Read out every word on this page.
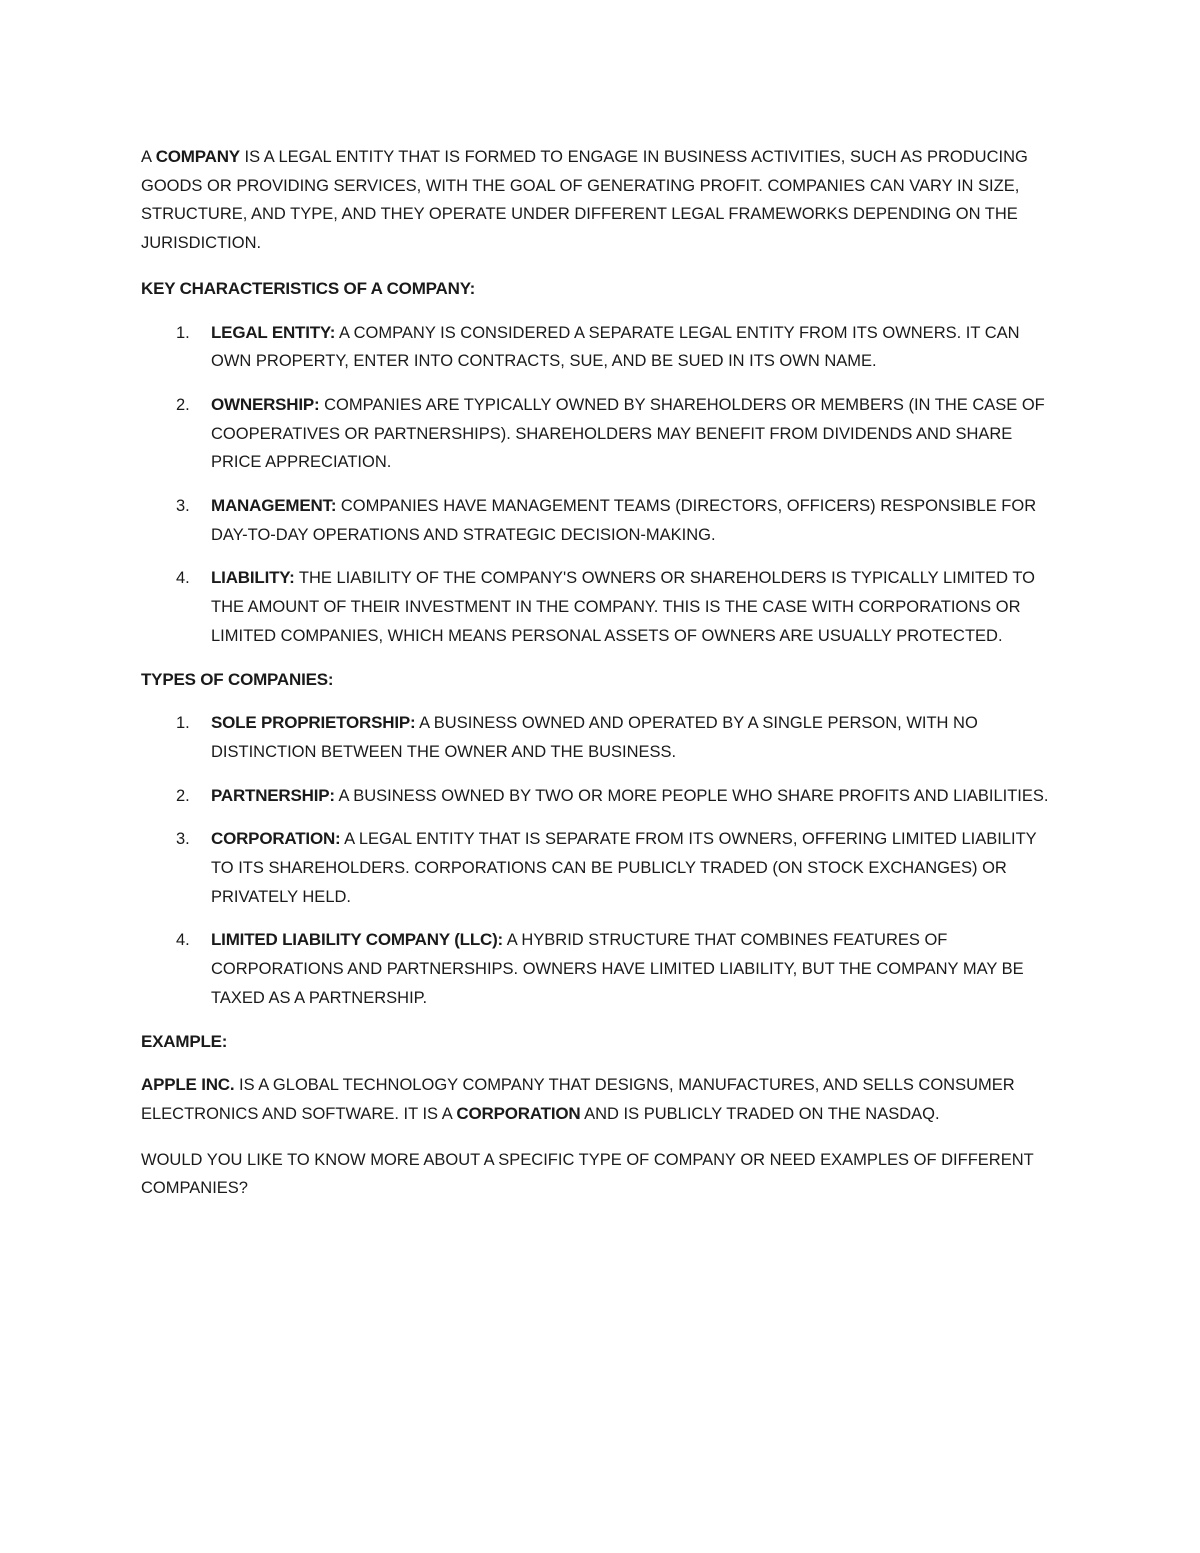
A COMPANY IS A LEGAL ENTITY THAT IS FORMED TO ENGAGE IN BUSINESS ACTIVITIES, SUCH AS PRODUCING GOODS OR PROVIDING SERVICES, WITH THE GOAL OF GENERATING PROFIT. COMPANIES CAN VARY IN SIZE, STRUCTURE, AND TYPE, AND THEY OPERATE UNDER DIFFERENT LEGAL FRAMEWORKS DEPENDING ON THE JURISDICTION.

KEY CHARACTERISTICS OF A COMPANY:

1. LEGAL ENTITY: A COMPANY IS CONSIDERED A SEPARATE LEGAL ENTITY FROM ITS OWNERS. IT CAN OWN PROPERTY, ENTER INTO CONTRACTS, SUE, AND BE SUED IN ITS OWN NAME.
2. OWNERSHIP: COMPANIES ARE TYPICALLY OWNED BY SHAREHOLDERS OR MEMBERS (IN THE CASE OF COOPERATIVES OR PARTNERSHIPS). SHAREHOLDERS MAY BENEFIT FROM DIVIDENDS AND SHARE PRICE APPRECIATION.
3. MANAGEMENT: COMPANIES HAVE MANAGEMENT TEAMS (DIRECTORS, OFFICERS) RESPONSIBLE FOR DAY-TO-DAY OPERATIONS AND STRATEGIC DECISION-MAKING.
4. LIABILITY: THE LIABILITY OF THE COMPANY'S OWNERS OR SHAREHOLDERS IS TYPICALLY LIMITED TO THE AMOUNT OF THEIR INVESTMENT IN THE COMPANY. THIS IS THE CASE WITH CORPORATIONS OR LIMITED COMPANIES, WHICH MEANS PERSONAL ASSETS OF OWNERS ARE USUALLY PROTECTED.

TYPES OF COMPANIES:

1. SOLE PROPRIETORSHIP: A BUSINESS OWNED AND OPERATED BY A SINGLE PERSON, WITH NO DISTINCTION BETWEEN THE OWNER AND THE BUSINESS.
2. PARTNERSHIP: A BUSINESS OWNED BY TWO OR MORE PEOPLE WHO SHARE PROFITS AND LIABILITIES.
3. CORPORATION: A LEGAL ENTITY THAT IS SEPARATE FROM ITS OWNERS, OFFERING LIMITED LIABILITY TO ITS SHAREHOLDERS. CORPORATIONS CAN BE PUBLICLY TRADED (ON STOCK EXCHANGES) OR PRIVATELY HELD.
4. LIMITED LIABILITY COMPANY (LLC): A HYBRID STRUCTURE THAT COMBINES FEATURES OF CORPORATIONS AND PARTNERSHIPS. OWNERS HAVE LIMITED LIABILITY, BUT THE COMPANY MAY BE TAXED AS A PARTNERSHIP.

EXAMPLE:

APPLE INC. IS A GLOBAL TECHNOLOGY COMPANY THAT DESIGNS, MANUFACTURES, AND SELLS CONSUMER ELECTRONICS AND SOFTWARE. IT IS A CORPORATION AND IS PUBLICLY TRADED ON THE NASDAQ.

WOULD YOU LIKE TO KNOW MORE ABOUT A SPECIFIC TYPE OF COMPANY OR NEED EXAMPLES OF DIFFERENT COMPANIES?
